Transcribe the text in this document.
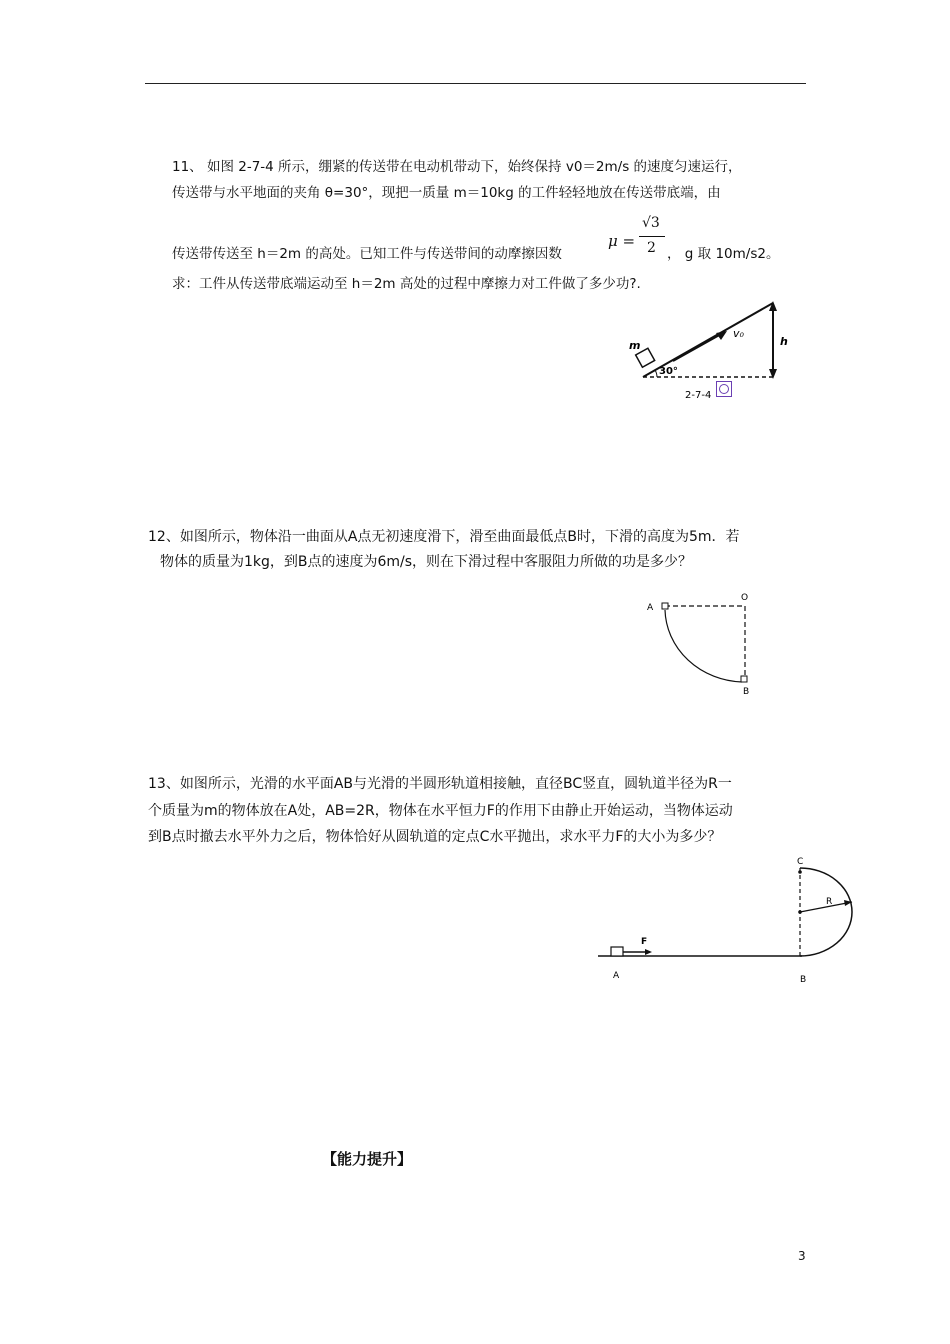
11、 如图 2-7-4 所示，绷紧的传送带在电动机带动下，始终保持 v0＝2m/s 的速度匀速运行，
传送带与水平地面的夹角 θ=30°，现把一质量 m＝10kg 的工件轻轻地放在传送带底端，由
传送带传送至 h＝2m 的高处。已知工件与传送带间的动摩擦因数
μ =
√3
2 ， g 取 10m/s2。
求：工件从传送带底端运动至 h＝2m 高处的过程中摩擦力对工件做了多少功?.
m
v₀
30°
h
2-7-4
12、如图所示，物体沿一曲面从A点无初速度滑下，滑至曲面最低点B时，下滑的高度为5m．若
物体的质量为1kg，到B点的速度为6m/s，则在下滑过程中客服阻力所做的功是多少？
A
O
B
13、如图所示，光滑的水平面AB与光滑的半圆形轨道相接触，直径BC竖直，圆轨道半径为R一
个质量为m的物体放在A处，AB=2R，物体在水平恒力F的作用下由静止开始运动，当物体运动
到B点时撤去水平外力之后，物体恰好从圆轨道的定点C水平抛出，求水平力F的大小为多少？
C
R
F
A	B
【能力提升】
3
